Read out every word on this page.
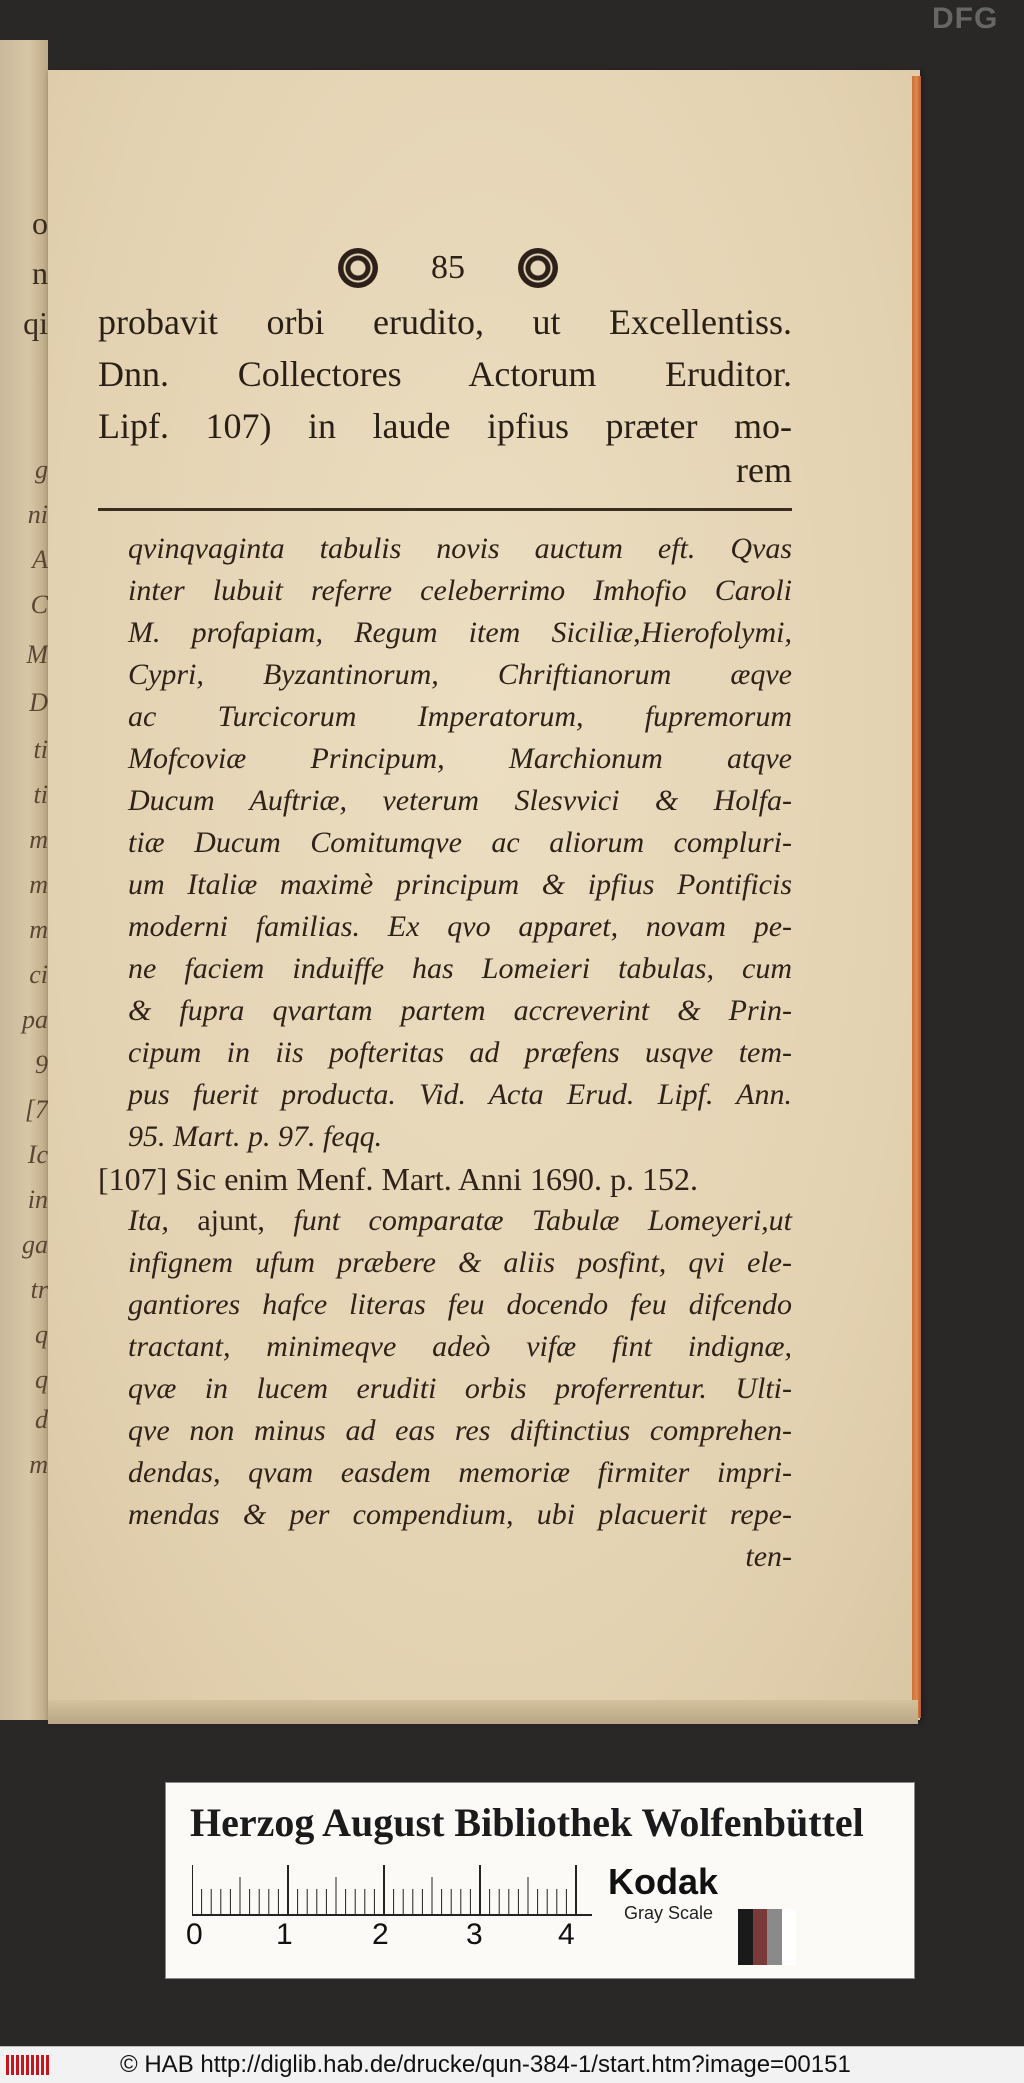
o
n
qi
g
ni
A
C
M
D
ti
ti
m
m
m
ci
pa
9
[7
Ic
in
ga
tr
q
q
d
m
85
probavit orbi erudito, ut Excellentiss.
Dnn. Collectores Actorum Eruditor.
Lipf. 107) in laude ipfius præter mo-
rem
qvinqvaginta tabulis novis auctum eft. Qvas
inter lubuit referre celeberrimo Imhofio Caroli
M. profapiam, Regum item Siciliæ,Hierofolymi,
Cypri, Byzantinorum, Chriftianorum æqve
ac Turcicorum Imperatorum, fupremorum
Mofcoviæ Principum, Marchionum atqve
Ducum Auftriæ, veterum Slesvvici & Holfa-
tiæ Ducum Comitumqve ac aliorum compluri-
um Italiæ maximè principum & ipfius Pontificis
moderni familias. Ex qvo apparet, novam pe-
ne faciem induiffe has Lomeieri tabulas, cum
& fupra qvartam partem accreverint & Prin-
cipum in iis pofteritas ad præfens usqve tem-
pus fuerit producta. Vid. Acta Erud. Lipf. Ann.
95. Mart. p. 97. feqq.
[107] Sic enim Menf. Mart. Anni 1690. p. 152.
Ita, ajunt, funt comparatæ Tabulæ Lomeyeri,ut
infignem ufum præbere & aliis posfint, qvi ele-
gantiores hafce literas feu docendo feu difcendo
tractant, minimeqve adeò vifæ fint indignæ,
qvæ in lucem eruditi orbis proferrentur. Ulti-
qve non minus ad eas res diftinctius comprehen-
dendas, qvam easdem memoriæ firmiter impri-
mendas & per compendium, ubi placuerit repe-
ten-
Herzog August Bibliothek Wolfenbüttel
0 1	2	3	4
Kodak
Gray Scale
© HAB http://diglib.hab.de/drucke/qun-384-1/start.htm?image=00151
DFG
